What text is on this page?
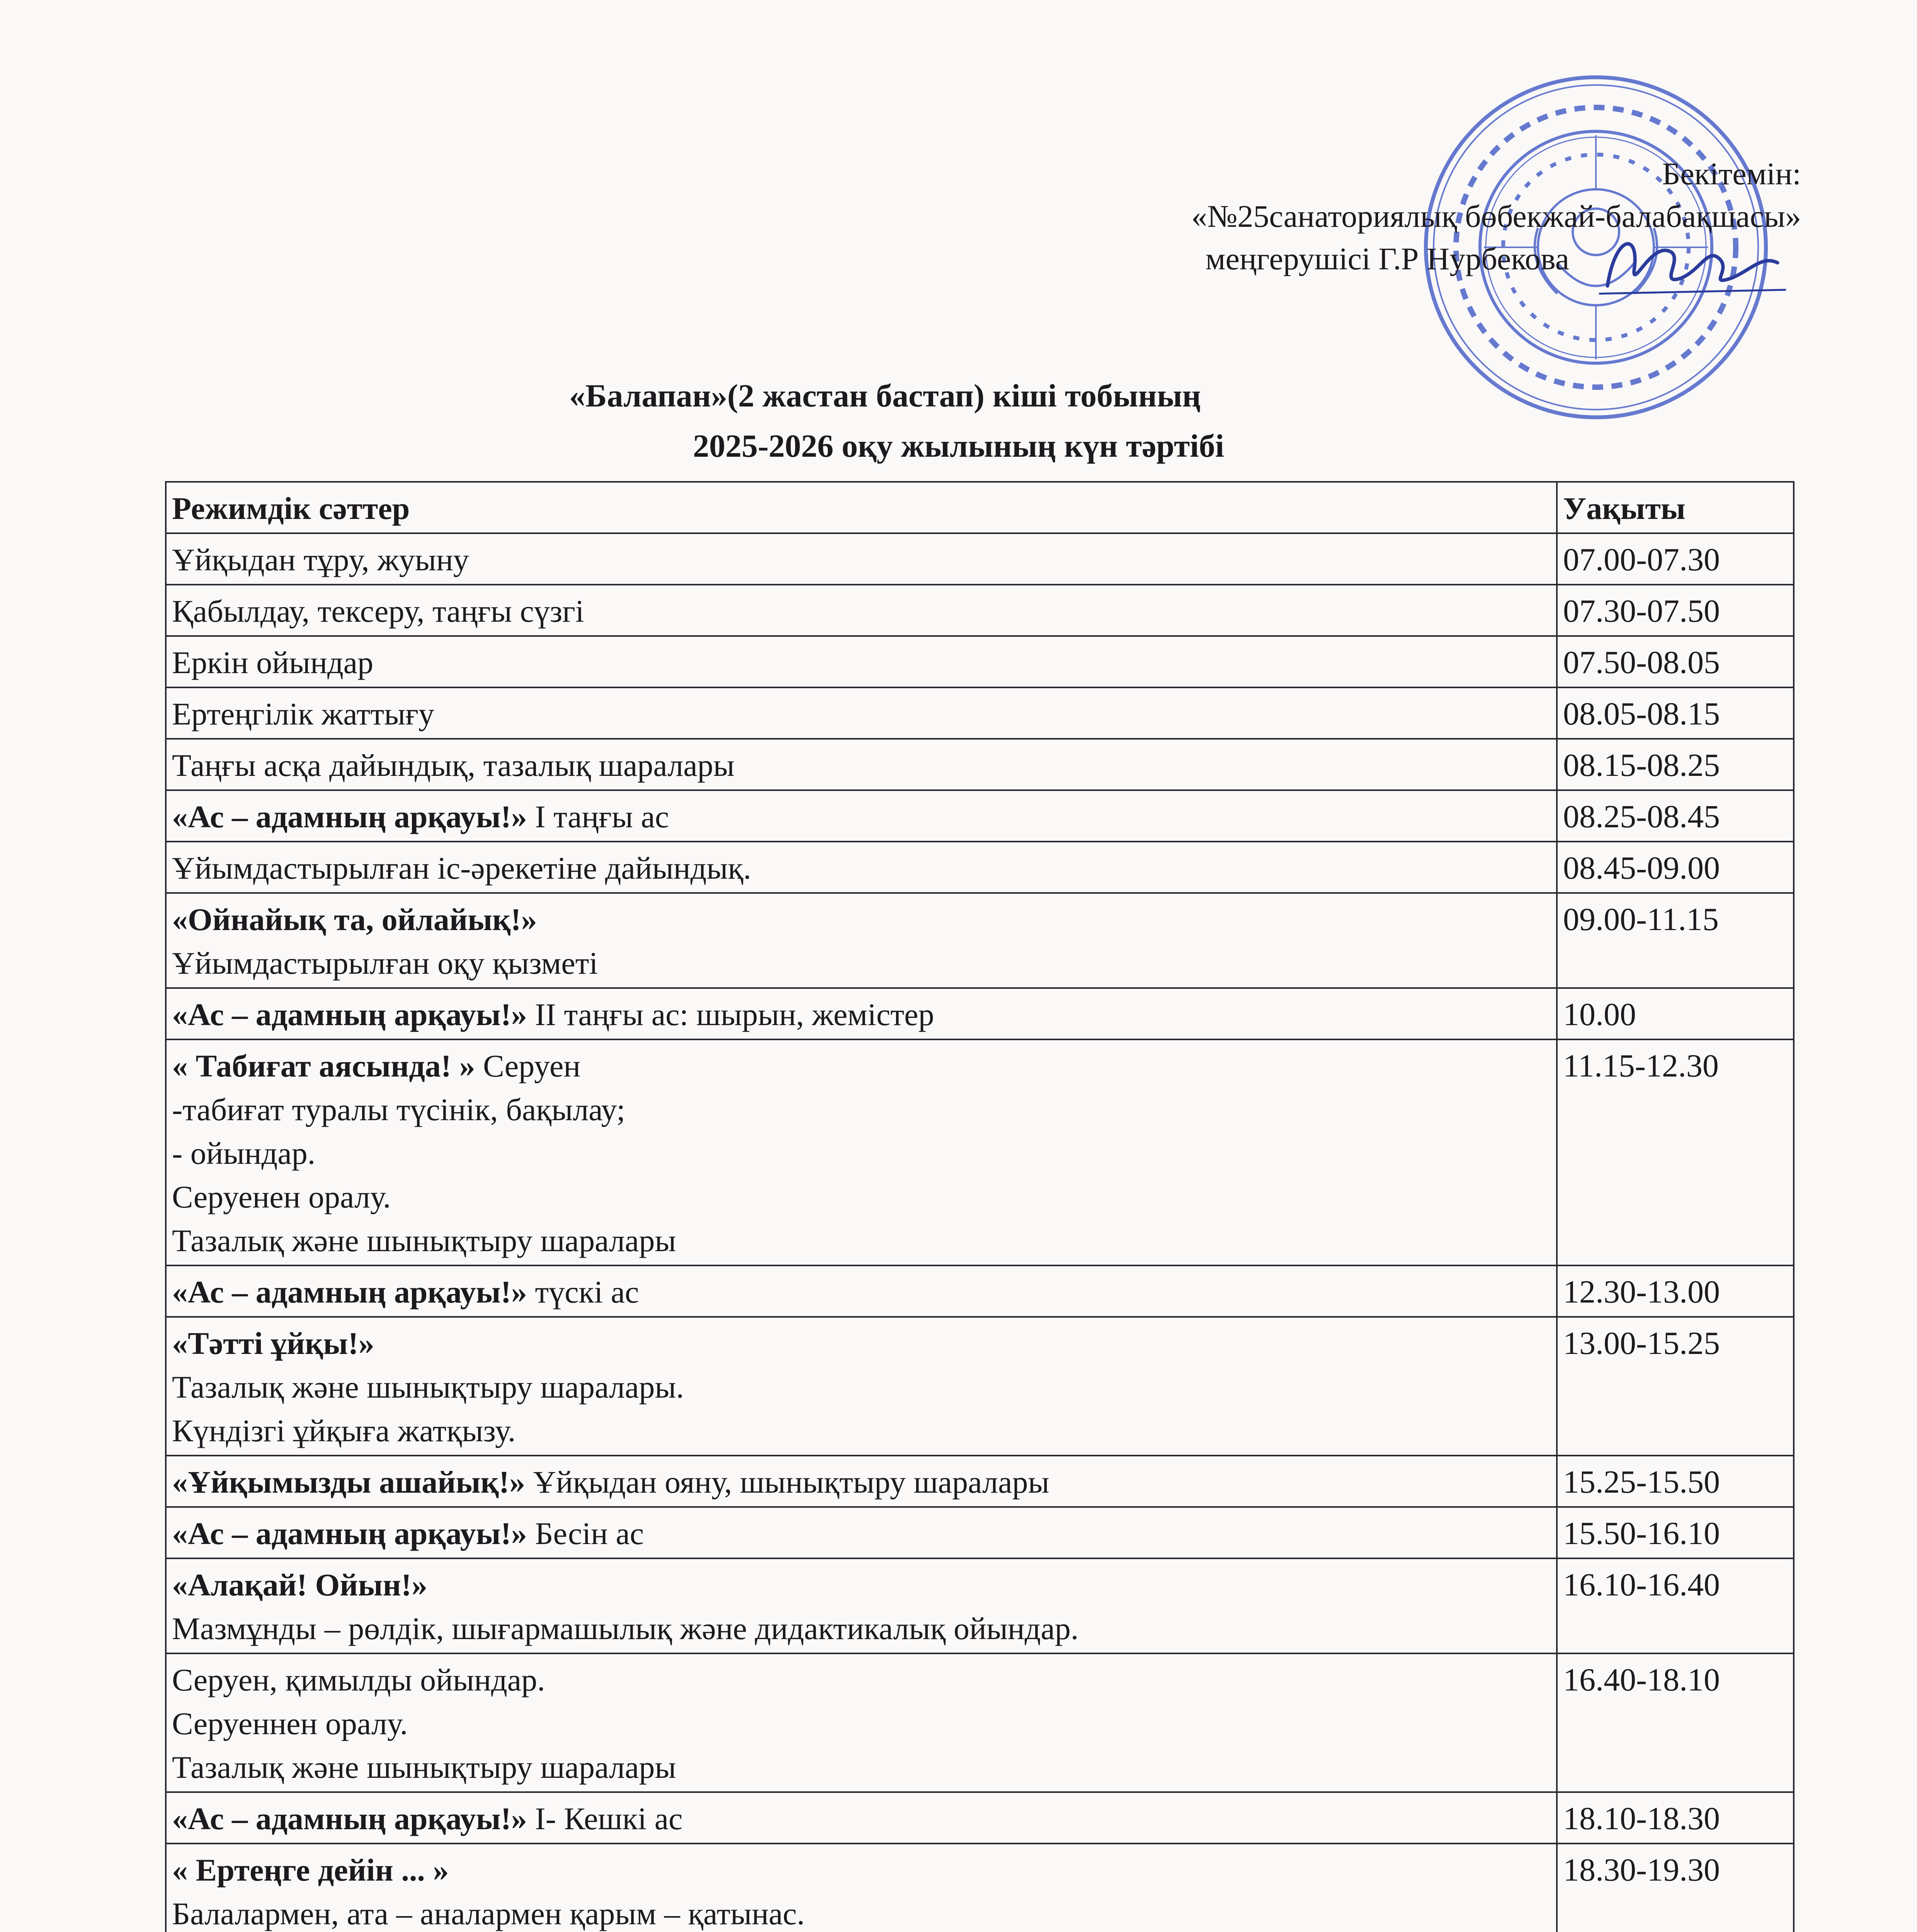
Бекітемін:
«№25санаториялық бөбекжай-балабақшасы»
меңгерушісі Г.Р Нурбекова
«Балапан»(2 жастан бастап) кіші тобының
2025-2026 оқу жылының күн тәртібі
Режимдік сәттер	Уақыты

Ұйқыдан тұру, жуыну	07.00-07.30

Қабылдау, тексеру, таңғы сүзгі	07.30-07.50

Еркін ойындар	07.50-08.05

Ертеңгілік жаттығу	08.05-08.15

Таңғы асқа дайындық, тазалық шаралары	08.15-08.25

«Ас – адамның арқауы!» I таңғы ас	08.25-08.45

Ұйымдастырылған іс-әрекетіне дайындық.	08.45-09.00

«Ойнайық та, ойлайық!»
Ұйымдастырылған оқу қызметі	09.00-11.15

«Ас – адамның арқауы!» II таңғы ас: шырын, жемістер	10.00

« Табиғат аясында! » Серуен
-табиғат туралы түсінік, бақылау;
- ойындар.
Серуенен оралу.
Тазалық және шынықтыру шаралары	11.15-12.30

«Ас – адамның арқауы!» түскі ас	12.30-13.00

«Тәтті ұйқы!»
Тазалық және шынықтыру шаралары.
Күндізгі ұйқыға жатқызу.	13.00-15.25

«Ұйқымызды ашайық!» Ұйқыдан ояну, шынықтыру шаралары	15.25-15.50

«Ас – адамның арқауы!» Бесін ас	15.50-16.10

«Алақай! Ойын!»
Мазмұнды – рөлдік, шығармашылық және дидактикалық ойындар.	16.10-16.40

Серуен, қимылды ойындар.
Серуеннен оралу.
Тазалық және шынықтыру шаралары	16.40-18.10

«Ас – адамның арқауы!» I- Кешкі ас	18.10-18.30

« Ертеңге дейін ... »
Балалармен, ата – аналармен қарым – қатынас.	18.30-19.30
